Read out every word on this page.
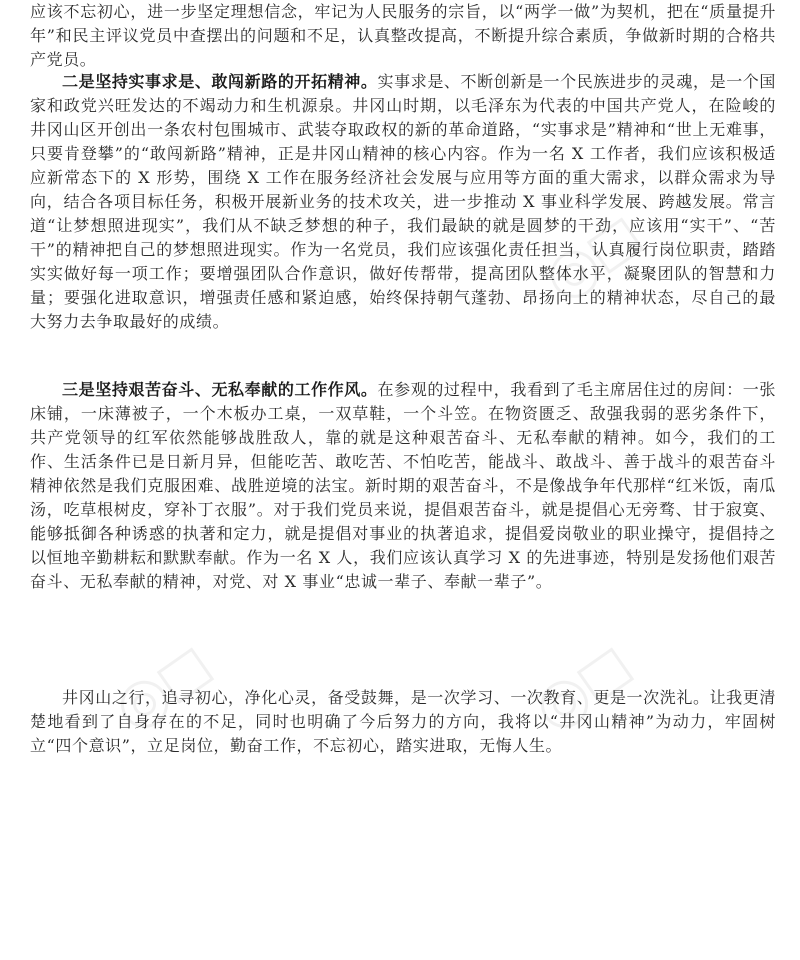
应该不忘初心，进一步坚定理想信念，牢记为人民服务的宗旨，以“两学一做”为契机，把在“质量提升年”和民主评议党员中查摆出的问题和不足，认真整改提高，不断提升综合素质，争做新时期的合格共产党员。

二是坚持实事求是、敢闯新路的开拓精神。实事求是、不断创新是一个民族进步的灵魂，是一个国家和政党兴旺发达的不竭动力和生机源泉。井冈山时期，以毛泽东为代表的中国共产党人，在险峻的井冈山区开创出一条农村包围城市、武装夺取政权的新的革命道路，“实事求是”精神和“世上无难事，只要肯登攀”的“敢闯新路”精神，正是井冈山精神的核心内容。作为一名 X 工作者，我们应该积极适应新常态下的 X 形势，围绕 X 工作在服务经济社会发展与应用等方面的重大需求，以群众需求为导向，结合各项目标任务，积极开展新业务的技术攻关，进一步推动 X 事业科学发展、跨越发展。常言道“让梦想照进现实”，我们从不缺乏梦想的种子，我们最缺的就是圆梦的干劲，应该用“实干”、“苦干”的精神把自己的梦想照进现实。作为一名党员，我们应该强化责任担当，认真履行岗位职责，踏踏实实做好每一项工作；要增强团队合作意识，做好传帮带，提高团队整体水平，凝聚团队的智慧和力量；要强化进取意识，增强责任感和紧迫感，始终保持朝气蓬勃、昂扬向上的精神状态，尽自己的最大努力去争取最好的成绩。

三是坚持艰苦奋斗、无私奉献的工作作风。在参观的过程中，我看到了毛主席居住过的房间：一张床铺，一床薄被子，一个木板办工桌，一双草鞋，一个斗笠。在物资匮乏、敌强我弱的恶劣条件下，共产党领导的红军依然能够战胜敌人，靠的就是这种艰苦奋斗、无私奉献的精神。如今，我们的工作、生活条件已是日新月异，但能吃苦、敢吃苦、不怕吃苦，能战斗、敢战斗、善于战斗的艰苦奋斗精神依然是我们克服困难、战胜逆境的法宝。新时期的艰苦奋斗，不是像战争年代那样“红米饭，南瓜汤，吃草根树皮，穿补丁衣服”。对于我们党员来说，提倡艰苦奋斗，就是提倡心无旁骛、甘于寂寞、能够抵御各种诱惑的执著和定力，就是提倡对事业的执著追求，提倡爱岗敬业的职业操守，提倡持之以恒地辛勤耕耘和默默奉献。作为一名 X 人，我们应该认真学习 X 的先进事迹，特别是发扬他们艰苦奋斗、无私奉献的精神，对党、对 X 事业“忠诚一辈子、奉献一辈子”。

井冈山之行，追寻初心，净化心灵，备受鼓舞，是一次学习、一次教育、更是一次洗礼。让我更清楚地看到了自身存在的不足，同时也明确了今后努力的方向，我将以“井冈山精神”为动力，牢固树立“四个意识”，立足岗位，勤奋工作，不忘初心，踏实进取，无悔人生。
